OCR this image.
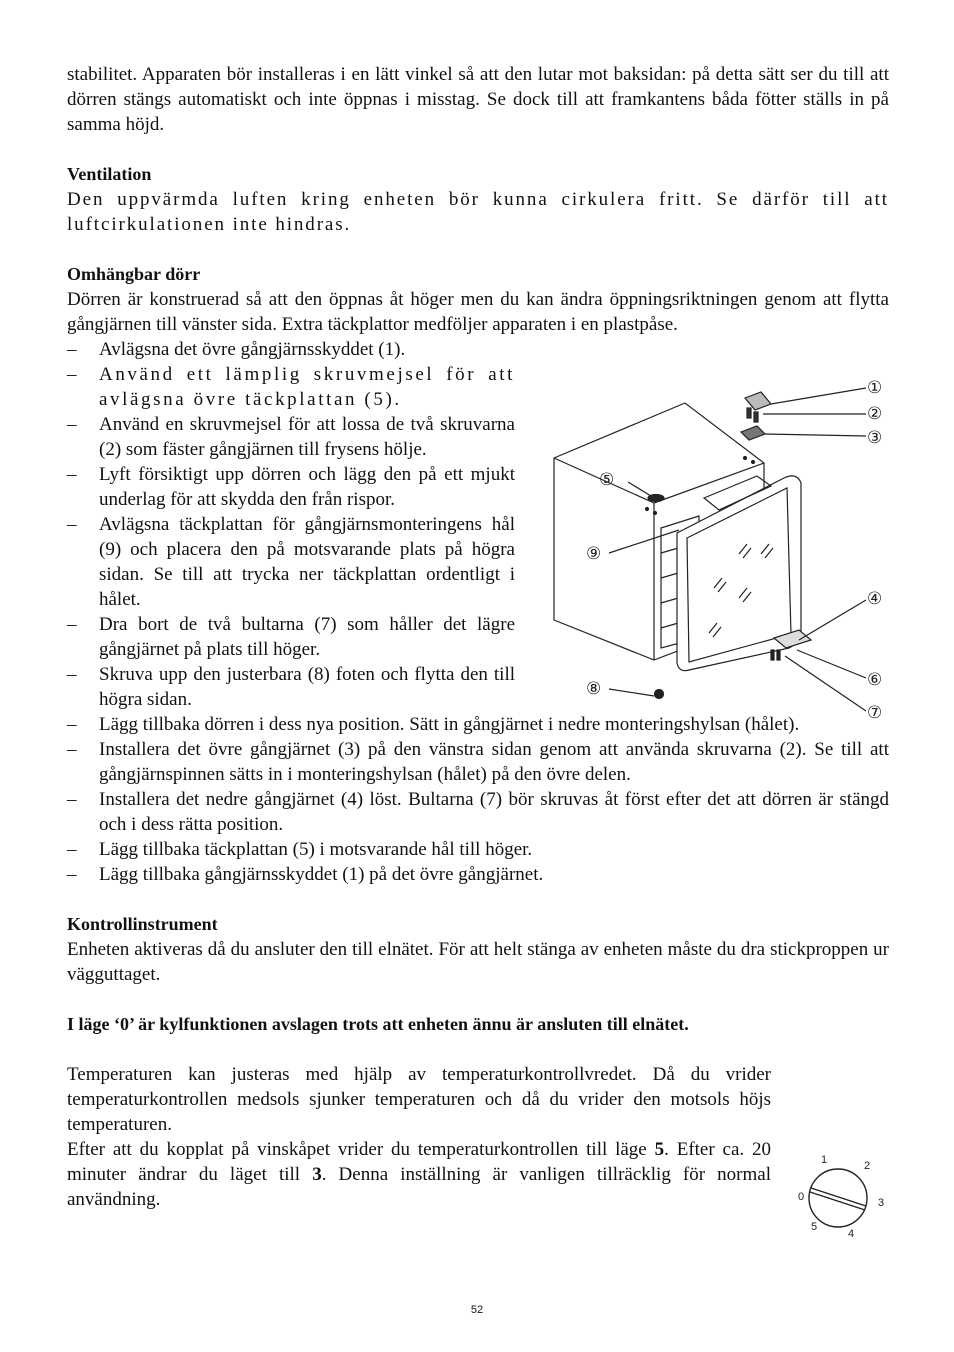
stabilitet. Apparaten bör installeras i en lätt vinkel så att den lutar mot baksidan: på detta sätt ser du till att dörren stängs automatiskt och inte öppnas i misstag. Se dock till att framkantens båda fötter ställs in på samma höjd.

Ventilation

Den uppvärmda luften kring enheten bör kunna cirkulera fritt. Se därför till att luftcirkulationen inte hindras.

Omhängbar dörr

Dörren är konstruerad så att den öppnas åt höger men du kan ändra öppningsriktningen genom att flytta gångjärnen till vänster sida. Extra täckplattor medföljer apparaten i en plastpåse.

– Avlägsna det övre gångjärnsskyddet (1).
– Använd ett lämplig skruvmejsel för att avlägsna övre täckplattan (5).
– Använd en skruvmejsel för att lossa de två skruvarna (2) som fäster gångjärnen till frysens hölje.
– Lyft försiktigt upp dörren och lägg den på ett mjukt underlag för att skydda den från rispor.
– Avlägsna täckplattan för gångjärnsmonteringens hål (9) och placera den på motsvarande plats på högra sidan. Se till att trycka ner täckplattan ordentligt i hålet.
– Dra bort de två bultarna (7) som håller det lägre gångjärnet på plats till höger.
– Skruva upp den justerbara (8) foten och flytta den till högra sidan.
– Lägg tillbaka dörren i dess nya position. Sätt in gångjärnet i nedre monteringshylsan (hålet).
– Installera det övre gångjärnet (3) på den vänstra sidan genom att använda skruvarna (2). Se till att gångjärnspinnen sätts in i monteringshylsan (hålet) på den övre delen.
– Installera det nedre gångjärnet (4) löst. Bultarna (7) bör skruvas åt först efter det att dörren är stängd och i dess rätta position.
– Lägg tillbaka täckplattan (5) i motsvarande hål till höger.
– Lägg tillbaka gångjärnsskyddet (1) på det övre gångjärnet.

Kontrollinstrument

Enheten aktiveras då du ansluter den till elnätet. För att helt stänga av enheten måste du dra stickproppen ur vägguttaget.

I läge ‘0’ är kylfunktionen avslagen trots att enheten ännu är ansluten till elnätet.

Temperaturen kan justeras med hjälp av temperaturkontrollvredet. Då du vrider temperaturkontrollen medsols sjunker temperaturen och då du vrider den motsols höjs temperaturen.

Efter att du kopplat på vinskåpet vrider du temperaturkontrollen till läge 5. Efter ca. 20 minuter ändrar du läget till 3. Denna inställning är vanligen tillräcklig för normal användning.

①
②
③
④
⑤
⑥
⑦
⑧
⑨
0
1	2
3
4
5
52
